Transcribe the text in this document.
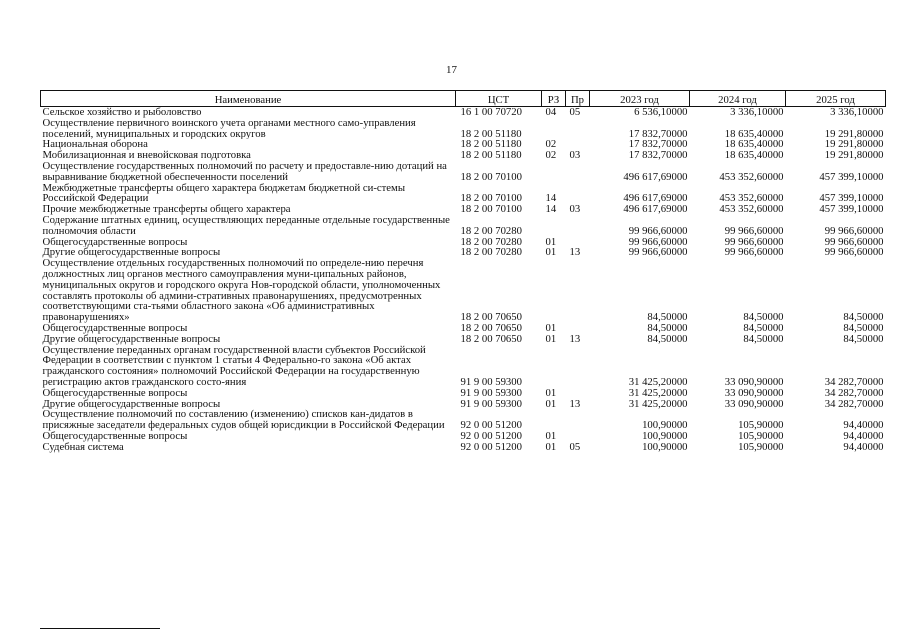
17
Наименование	ЦСТ	РЗ	Пр	2023 год	2024 год	2025 год
Сельское хозяйство и рыболовство	16 1 00 70720	04	05	6 536,10000	3 336,10000	3 336,10000
Осуществление первичного воинского учета органами местного само-управления поселений, муниципальных и городских округов	18 2 00 51180			17 832,70000	18 635,40000	19 291,80000
Национальная оборона	18 2 00 51180	02		17 832,70000	18 635,40000	19 291,80000
Мобилизационная и вневойсковая подготовка	18 2 00 51180	02	03	17 832,70000	18 635,40000	19 291,80000
Осуществление государственных полномочий по расчету и предоставле-нию дотаций на выравнивание бюджетной обеспеченности поселений	18 2 00 70100			496 617,69000	453 352,60000	457 399,10000
Межбюджетные трансферты общего характера бюджетам бюджетной си-стемы Российской Федерации	18 2 00 70100	14		496 617,69000	453 352,60000	457 399,10000
Прочие межбюджетные трансферты общего характера	18 2 00 70100	14	03	496 617,69000	453 352,60000	457 399,10000
Содержание штатных единиц, осуществляющих переданные отдельные государственные полномочия области	18 2 00 70280			99 966,60000	99 966,60000	99 966,60000
Общегосударственные вопросы	18 2 00 70280	01		99 966,60000	99 966,60000	99 966,60000
Другие общегосударственные вопросы	18 2 00 70280	01	13	99 966,60000	99 966,60000	99 966,60000
Осуществление отдельных государственных полномочий по определе-нию перечня должностных лиц органов местного самоуправления муни-ципальных районов, муниципальных округов и городского округа Нов-городской области, уполномоченных составлять протоколы об админи-стративных правонарушениях, предусмотренных соответствующими ста-тьями областного закона «Об административных правонарушениях»	18 2 00 70650			84,50000	84,50000	84,50000
Общегосударственные вопросы	18 2 00 70650	01		84,50000	84,50000	84,50000
Другие общегосударственные вопросы	18 2 00 70650	01	13	84,50000	84,50000	84,50000
Осуществление переданных органам государственной власти субъектов Российской Федерации в соответствии с пунктом 1 статьи 4 Федерально-го закона «Об актах гражданского состояния» полномочий Российской Федерации на государственную регистрацию актов гражданского состо-яния	91 9 00 59300			31 425,20000	33 090,90000	34 282,70000
Общегосударственные вопросы	91 9 00 59300	01		31 425,20000	33 090,90000	34 282,70000
Другие общегосударственные вопросы	91 9 00 59300	01	13	31 425,20000	33 090,90000	34 282,70000
Осуществление полномочий по составлению (изменению) списков кан-дидатов в присяжные заседатели федеральных судов общей юрисдикции в Российской Федерации	92 0 00 51200			100,90000	105,90000	94,40000
Общегосударственные вопросы	92 0 00 51200	01		100,90000	105,90000	94,40000
Судебная система	92 0 00 51200	01	05	100,90000	105,90000	94,40000
